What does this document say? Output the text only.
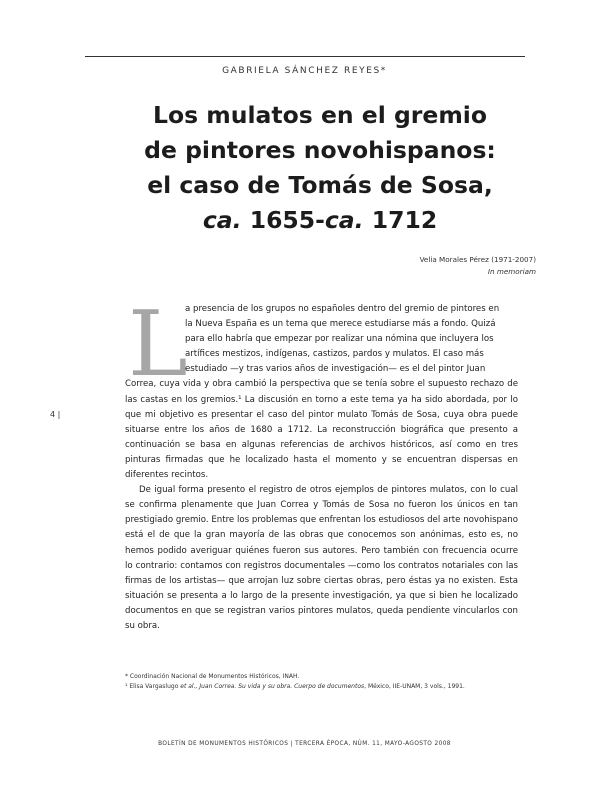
GABRIELA SÁNCHEZ REYES*
Los mulatos en el gremio
de pintores novohispanos:
el caso de Tomás de Sosa,
ca. 1655-ca. 1712
Velia Morales Pérez (1971-2007)
In memoriam
L
4 |

a presencia de los grupos no españoles dentro del gremio de pintores en

la Nueva España es un tema que merece estudiarse más a fondo. Quizá

para ello habría que empezar por realizar una nómina que incluyera los

artífices mestizos, indígenas, castizos, pardos y mulatos. El caso más

estudiado —y tras varios años de investigación— es el del pintor Juan

Correa, cuya vida y obra cambió la perspectiva que se tenía sobre el supuesto rechazo de las castas en los gremios.¹ La discusión en torno a este tema ya ha sido abordada, por lo que mi objetivo es presentar el caso del pintor mulato Tomás de Sosa, cuya obra puede situarse entre los años de 1680 a 1712. La reconstrucción biográfica que presento a continuación se basa en algunas referencias de archivos históricos, así como en tres pinturas firmadas que he localizado hasta el momento y se encuentran dispersas en diferentes recintos.

De igual forma presento el registro de otros ejemplos de pintores mulatos, con lo cual se confirma plenamente que Juan Correa y Tomás de Sosa no fueron los únicos en tan prestigiado gremio. Entre los problemas que enfrentan los estudiosos del arte novohispano está el de que la gran mayoría de las obras que conocemos son anónimas, esto es, no hemos podido averiguar quiénes fueron sus autores. Pero también con frecuencia ocurre lo contrario: contamos con registros documentales —como los contratos notariales con las firmas de los artistas— que arrojan luz sobre ciertas obras, pero éstas ya no existen. Esta situación se presenta a lo largo de la presente investigación, ya que si bien he localizado documentos en que se registran varios pintores mulatos, queda pendiente vincularlos con su obra.

* Coordinación Nacional de Monumentos Históricos, INAH.

¹ Elisa Vargaslugo et al., Juan Correa. Su vida y su obra. Cuerpo de documentos, México, IIE-UNAM, 3 vols., 1991.

BOLETÍN DE MONUMENTOS HISTÓRICOS | TERCERA ÉPOCA, NÚM. 11, MAYO-AGOSTO 2008
